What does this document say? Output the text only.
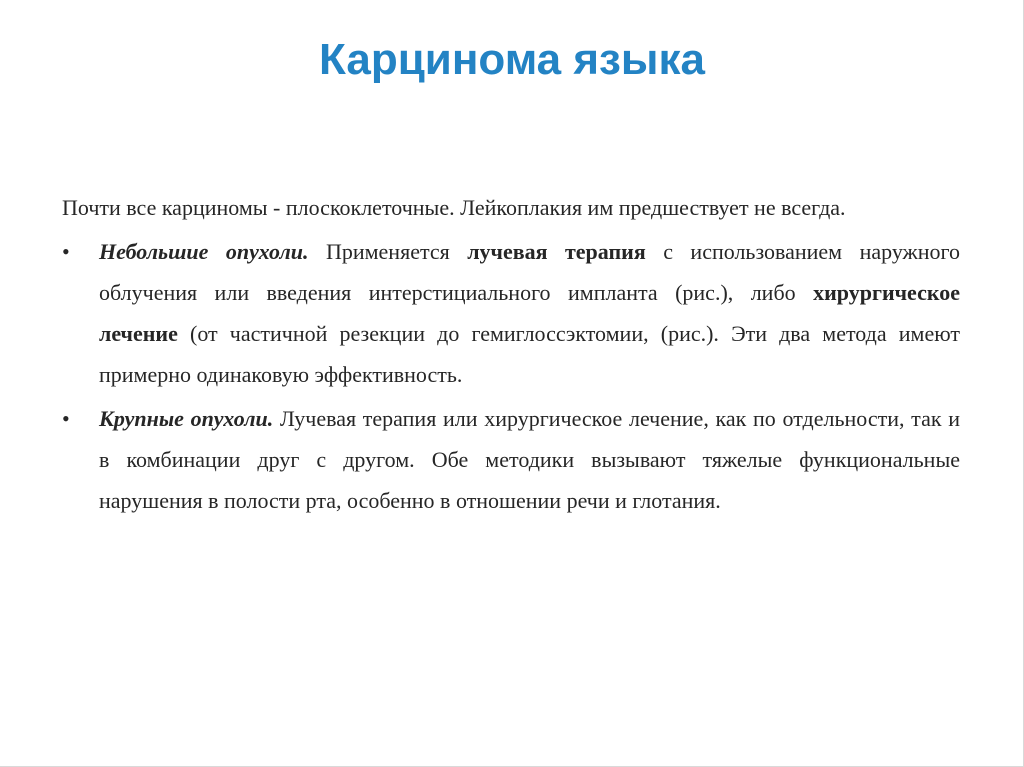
Карцинома языка

Почти все карциномы - плоскоклеточные. Лейкоплакия им предшествует не всегда.

• Небольшие опухоли. Применяется лучевая терапия с использованием наружного облучения или введения интерстициального импланта (рис.), либо хирургическое лечение (от частичной резекции до гемиглоссэктомии, (рис.). Эти два метода имеют примерно одинаковую эффективность.
• Крупные опухоли. Лучевая терапия или хирургическое лечение, как по отдельности, так и в комбинации друг с другом. Обе методики вызывают тяжелые функциональные нарушения в полости рта, особенно в отношении речи и глотания.
